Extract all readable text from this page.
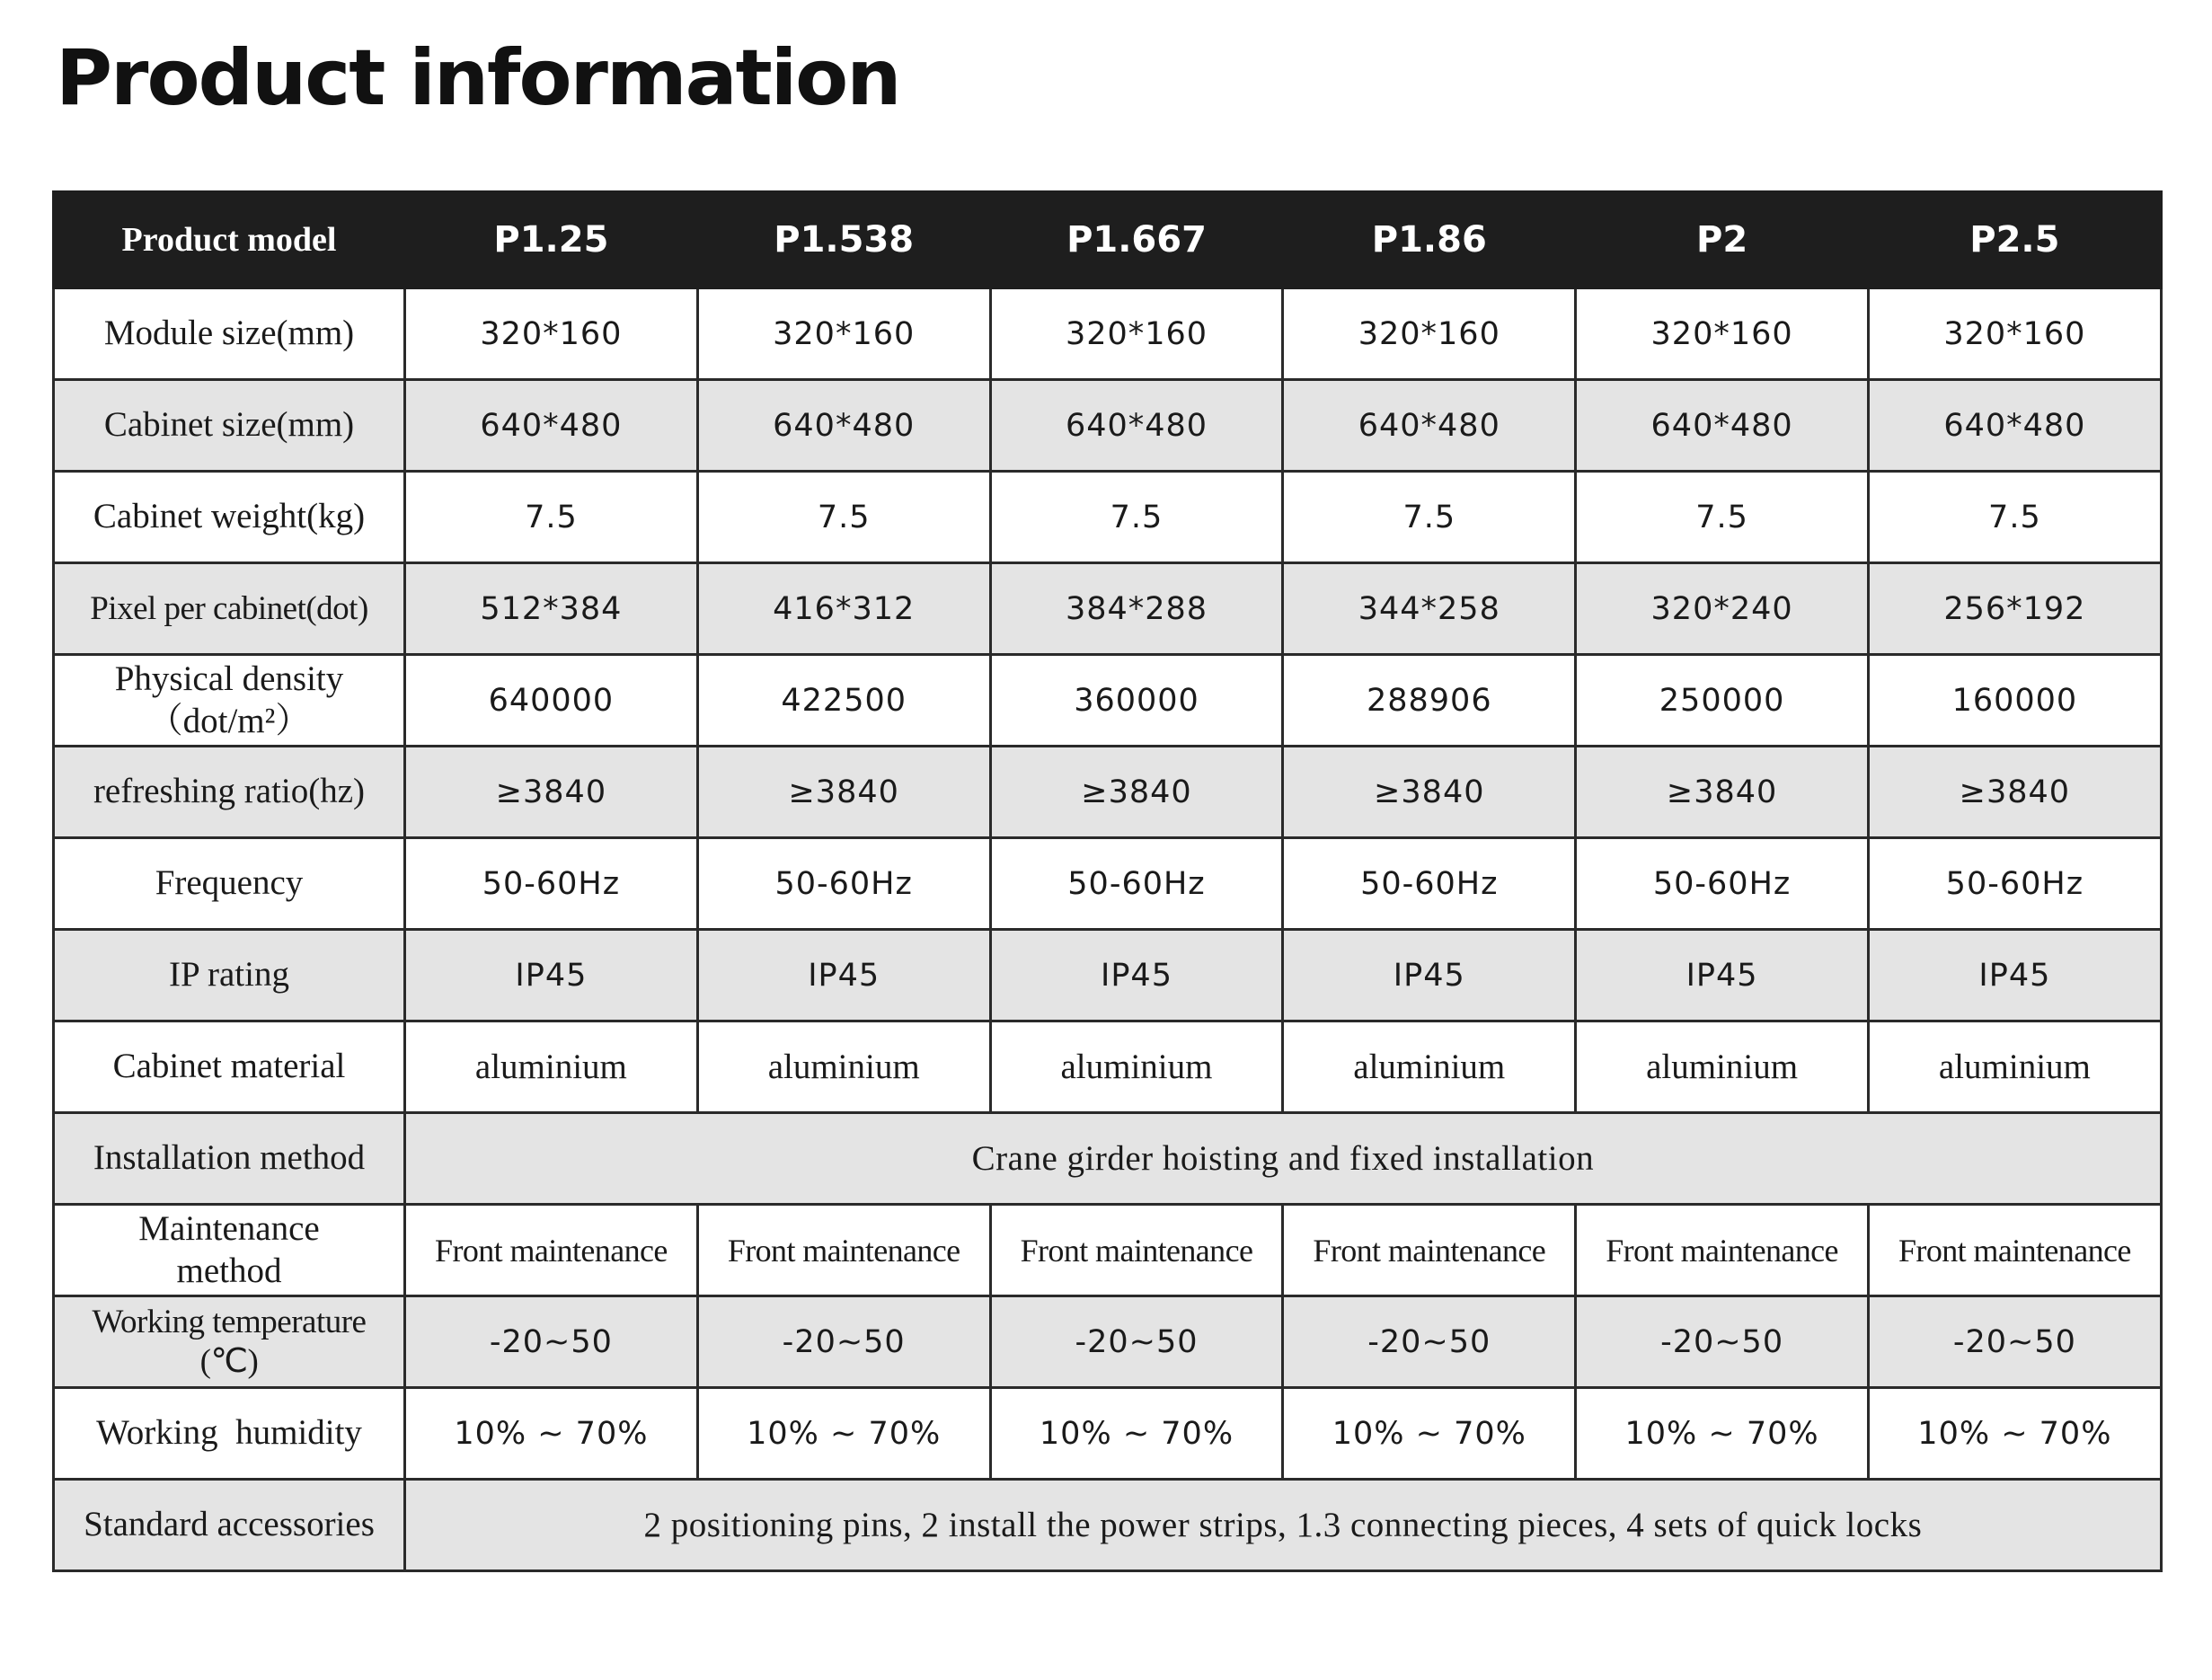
Product information
Product model	P1.25	P1.538	P1.667	P1.86	P2	P2.5
Module size(mm)	320*160	320*160	320*160	320*160	320*160	320*160
Cabinet size(mm)	640*480	640*480	640*480	640*480	640*480	640*480
Cabinet weight(kg)	7.5	7.5	7.5	7.5	7.5	7.5
Pixel per cabinet(dot)	512*384	416*312	384*288	344*258	320*240	256*192

Physical density
（dot/m²）	640000	422500	360000	288906	250000	160000
refreshing ratio(hz)	≥3840	≥3840	≥3840	≥3840	≥3840	≥3840
Frequency	50-60Hz	50-60Hz	50-60Hz	50-60Hz	50-60Hz	50-60Hz
IP rating	IP45	IP45	IP45	IP45	IP45	IP45
Cabinet material	aluminium	aluminium	aluminium	aluminium	aluminium	aluminium
Installation method	Crane girder hoisting and fixed installation					

Maintenance
method	Front maintenance	Front maintenance	Front maintenance	Front maintenance	Front maintenance	Front maintenance

Working temperature
(℃)	-20~50	-20~50	-20~50	-20~50	-20~50	-20~50
Working  humidity	10% ~ 70%	10% ~ 70%	10% ~ 70%	10% ~ 70%	10% ~ 70%	10% ~ 70%
Standard accessories	2 positioning pins, 2 install the power strips, 1.3 connecting pieces, 4 sets of quick locks					
